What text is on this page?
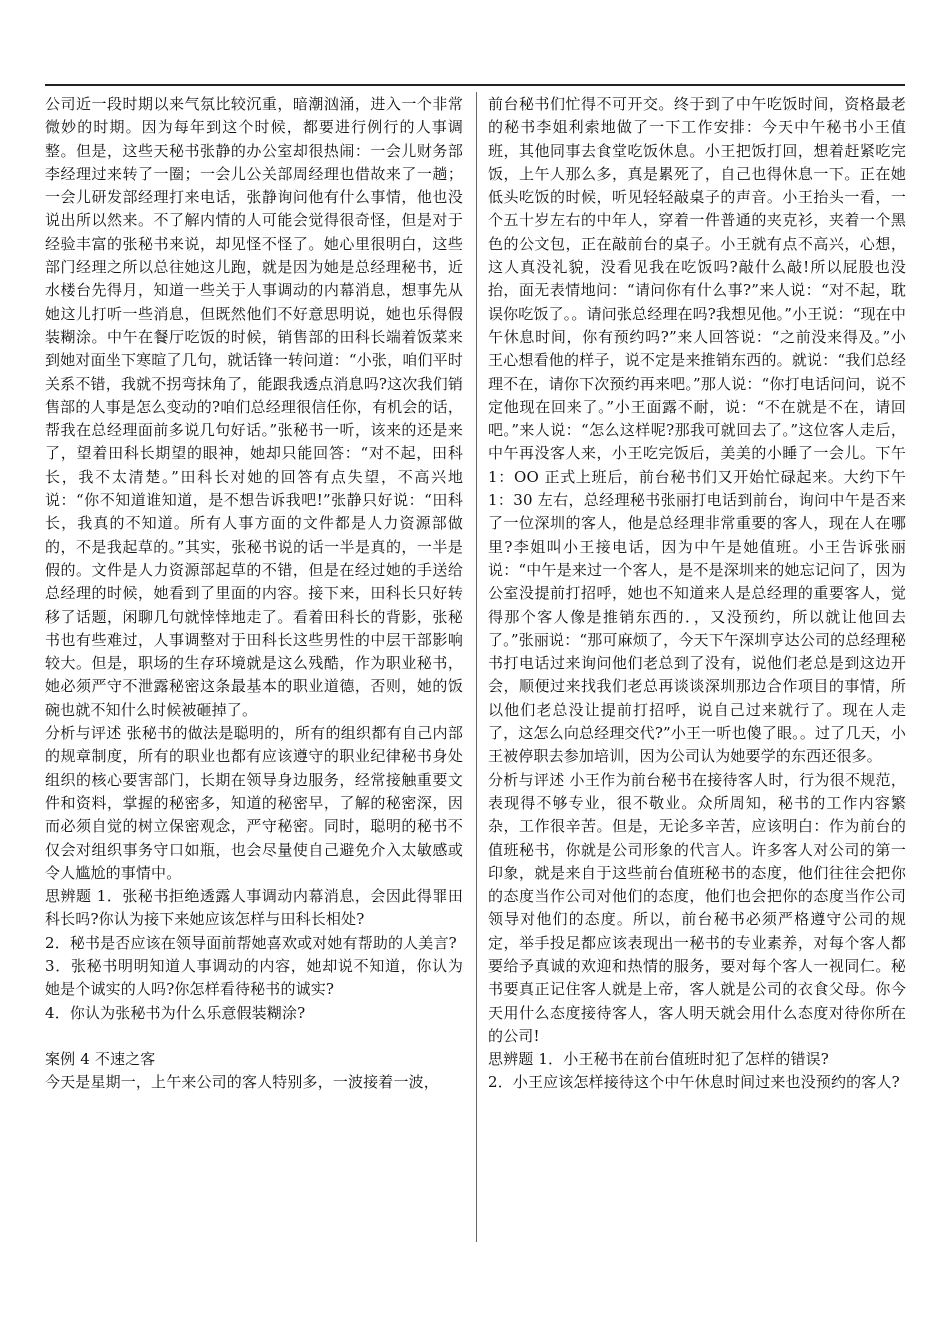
公司近一段时期以来气氛比较沉重，暗潮汹涌，进入一个非常微妙的时期。因为每年到这个时候，都要进行例行的人事调整。但是，这些天秘书张静的办公室却很热闹：一会儿财务部李经理过来转了一圈；一会儿公关部周经理也借故来了一趟；一会儿研发部经理打来电话，张静询问他有什么事情，他也没说出所以然来。不了解内情的人可能会觉得很奇怪，但是对于经验丰富的张秘书来说，却见怪不怪了。她心里很明白，这些部门经理之所以总往她这儿跑，就是因为她是总经理秘书，近水楼台先得月，知道一些关于人事调动的内幕消息，想事先从她这儿打听一些消息，但既然他们不好意思明说，她也乐得假装糊涂。中午在餐厅吃饭的时候，销售部的田科长端着饭菜来到她对面坐下寒暄了几句，就话锋一转问道：“小张，咱们平时关系不错，我就不拐弯抹角了，能跟我透点消息吗?这次我们销售部的人事是怎么变动的?咱们总经理很信任你，有机会的话，帮我在总经理面前多说几句好话。”张秘书一听，该来的还是来了，望着田科长期望的眼神，她却只能回答：“对不起，田科长，我不太清楚。”田科长对她的回答有点失望，不高兴地说：“你不知道谁知道，是不想告诉我吧!”张静只好说：“田科长，我真的不知道。所有人事方面的文件都是人力资源部做的，不是我起草的。”其实，张秘书说的话一半是真的，一半是假的。文件是人力资源部起草的不错，但是在经过她的手送给总经理的时候，她看到了里面的内容。接下来，田科长只好转移了话题，闲聊几句就悻悻地走了。看着田科长的背影，张秘书也有些难过，人事调整对于田科长这些男性的中层干部影响较大。但是，职场的生存环境就是这么残酷，作为职业秘书，她必须严守不泄露秘密这条最基本的职业道德，否则，她的饭碗也就不知什么时候被砸掉了。

分析与评述 张秘书的做法是聪明的，所有的组织都有自己内部的规章制度，所有的职业也都有应该遵守的职业纪律秘书身处组织的核心要害部门，长期在领导身边服务，经常接触重要文件和资料，掌握的秘密多，知道的秘密早，了解的秘密深，因而必须自觉的树立保密观念，严守秘密。同时，聪明的秘书不仅会对组织事务守口如瓶，也会尽量使自己避免介入太敏感或令人尴尬的事情中。

思辨题 1．张秘书拒绝透露人事调动内幕消息，会因此得罪田科长吗?你认为接下来她应该怎样与田科长相处?

2．秘书是否应该在领导面前帮她喜欢或对她有帮助的人美言?

3．张秘书明明知道人事调动的内容，她却说不知道，你认为她是个诚实的人吗?你怎样看待秘书的诚实?

4．你认为张秘书为什么乐意假装糊涂?

案例 4 不速之客

今天是星期一，上午来公司的客人特别多，一波接着一波，

前台秘书们忙得不可开交。终于到了中午吃饭时间，资格最老的秘书李姐利索地做了一下工作安排：今天中午秘书小王值班，其他同事去食堂吃饭休息。小王把饭打回，想着赶紧吃完饭，上午人那么多，真是累死了，自己也得休息一下。正在她低头吃饭的时候，听见轻轻敲桌子的声音。小王抬头一看，一个五十岁左右的中年人，穿着一件普通的夹克衫，夹着一个黑色的公文包，正在敲前台的桌子。小王就有点不高兴，心想，这人真没礼貌，没看见我在吃饭吗?敲什么敲!所以屁股也没抬，面无表情地问：“请问你有什么事?”来人说：“对不起，耽误你吃饭了。。请问张总经理在吗?我想见他。”小王说：“现在中午休息时间，你有预约吗?”来人回答说：“之前没来得及。”小王心想看他的样子，说不定是来推销东西的。就说：“我们总经理不在，请你下次预约再来吧。”那人说：“你打电话问问，说不定他现在回来了。”小王面露不耐，说：“不在就是不在，请回吧。”来人说：“怎么这样呢?那我可就回去了。”这位客人走后，中午再没客人来，小王吃完饭后，美美的小睡了一会儿。下午 1：OO 正式上班后，前台秘书们又开始忙碌起来。大约下午 1：30 左右，总经理秘书张丽打电话到前台，询问中午是否来了一位深圳的客人，他是总经理非常重要的客人，现在人在哪里?李姐叫小王接电话，因为中午是她值班。小王告诉张丽说：“中午是来过一个客人，是不是深圳来的她忘记问了，因为公室没提前打招呼，她也不知道来人是总经理的重要客人，觉得那个客人像是推销东西的．，又没预约，所以就让他回去了。”张丽说：“那可麻烦了，今天下午深圳亨达公司的总经理秘书打电话过来询问他们老总到了没有，说他们老总是到这边开会，顺便过来找我们老总再谈谈深圳那边合作项目的事情，所以他们老总没让提前打招呼，说自己过来就行了。现在人走了，这怎么向总经理交代?”小王一听也傻了眼。。过了几天，小王被停职去参加培训，因为公司认为她要学的东西还很多。

分析与评述 小王作为前台秘书在接待客人时，行为很不规范，表现得不够专业，很不敬业。众所周知，秘书的工作内容繁杂，工作很辛苦。但是，无论多辛苦，应该明白：作为前台的值班秘书，你就是公司形象的代言人。许多客人对公司的第一印象，就是来自于这些前台值班秘书的态度，他们往往会把你的态度当作公司对他们的态度，他们也会把你的态度当作公司领导对他们的态度。所以，前台秘书必须严格遵守公司的规定，举手投足都应该表现出一秘书的专业素养，对每个客人都要给予真诚的欢迎和热情的服务，要对每个客人一视同仁。秘书要真正记住客人就是上帝，客人就是公司的衣食父母。你今天用什么态度接待客人，客人明天就会用什么态度对待你所在的公司!

思辨题 1．小王秘书在前台值班时犯了怎样的错误?

2．小王应该怎样接待这个中午休息时间过来也没预约的客人?
